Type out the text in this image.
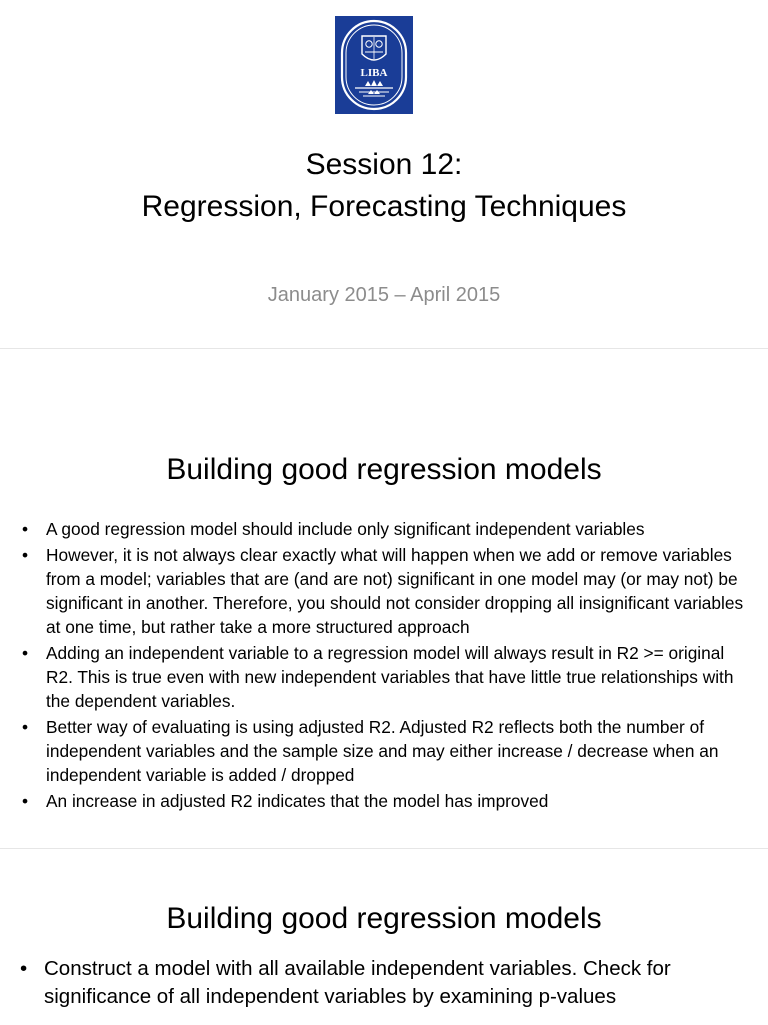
LIBA
Session 12:
Regression, Forecasting Techniques
January 2015 – April 2015
Building good regression models
• A good regression model should include only significant independent variables
• However, it is not always clear exactly what will happen when we add or remove variables from a model; variables that are (and are not) significant in one model may (or may not) be significant in another. Therefore, you should not consider dropping all insignificant variables at one time, but rather take a more structured approach
• Adding an independent variable to a regression model will always result in R2 >= original R2. This is true even with new independent variables that have little true relationships with the dependent variables.
• Better way of evaluating is using adjusted R2. Adjusted R2 reflects both the number of independent variables and the sample size and may either increase / decrease when an independent variable is added / dropped
• An increase in adjusted R2 indicates that the model has improved
Building good regression models
• Construct a model with all available independent variables. Check for significance of all independent variables by examining p-values
